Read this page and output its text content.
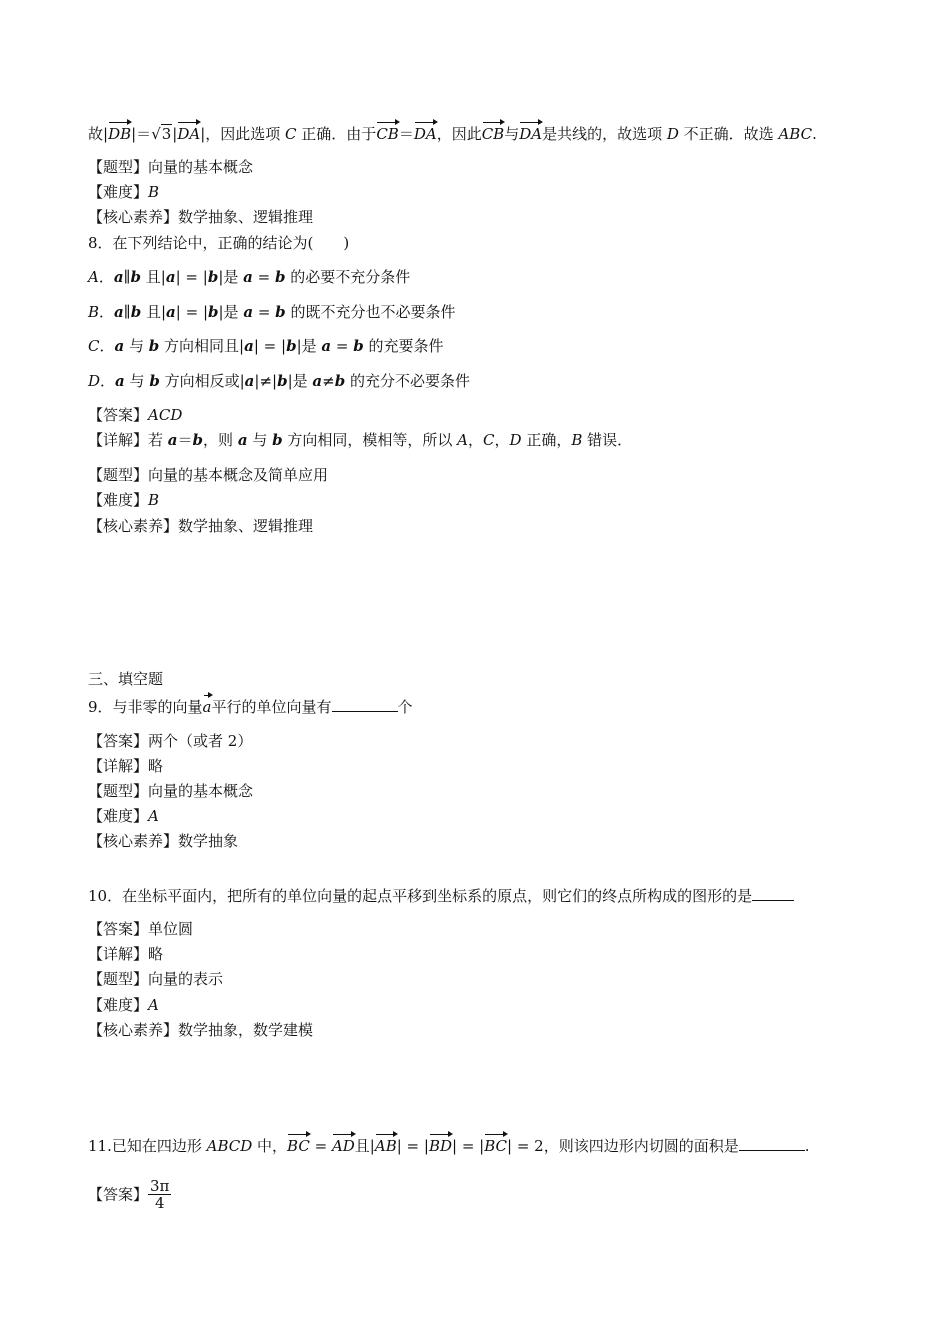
故|DB|＝√3|DA|，因此选项 C 正确．由于CB＝DA，因此CB与DA是共线的，故选项 D 不正确．故选 ABC.
【题型】向量的基本概念
【难度】B
【核心素养】数学抽象、逻辑推理
8．在下列结论中，正确的结论为(　　)
A．a∥b 且|a| = |b|是 a = b 的必要不充分条件
B．a∥b 且|a| = |b|是 a = b 的既不充分也不必要条件
C．a 与 b 方向相同且|a| = |b|是 a = b 的充要条件
D．a 与 b 方向相反或|a|≠|b|是 a≠b 的充分不必要条件
【答案】ACD
【详解】若 a＝b，则 a 与 b 方向相同，模相等，所以 A，C，D 正确，B 错误．
【题型】向量的基本概念及简单应用
【难度】B
【核心素养】数学抽象、逻辑推理
三、填空题
9．与非零的向量a平行的单位向量有	个
【答案】两个（或者 2）
【详解】略
【题型】向量的基本概念
【难度】A
【核心素养】数学抽象
10．在坐标平面内，把所有的单位向量的起点平移到坐标系的原点，则它们的终点所构成的图形的是
【答案】单位圆
【详解】略
【题型】向量的表示
【难度】A
【核心素养】数学抽象，数学建模
11.已知在四边形 ABCD 中，BC = AD且|AB| = |BD| = |BC| = 2，则该四边形内切圆的面积是	.
【答案】 $\frac{3\pi}{4}$
